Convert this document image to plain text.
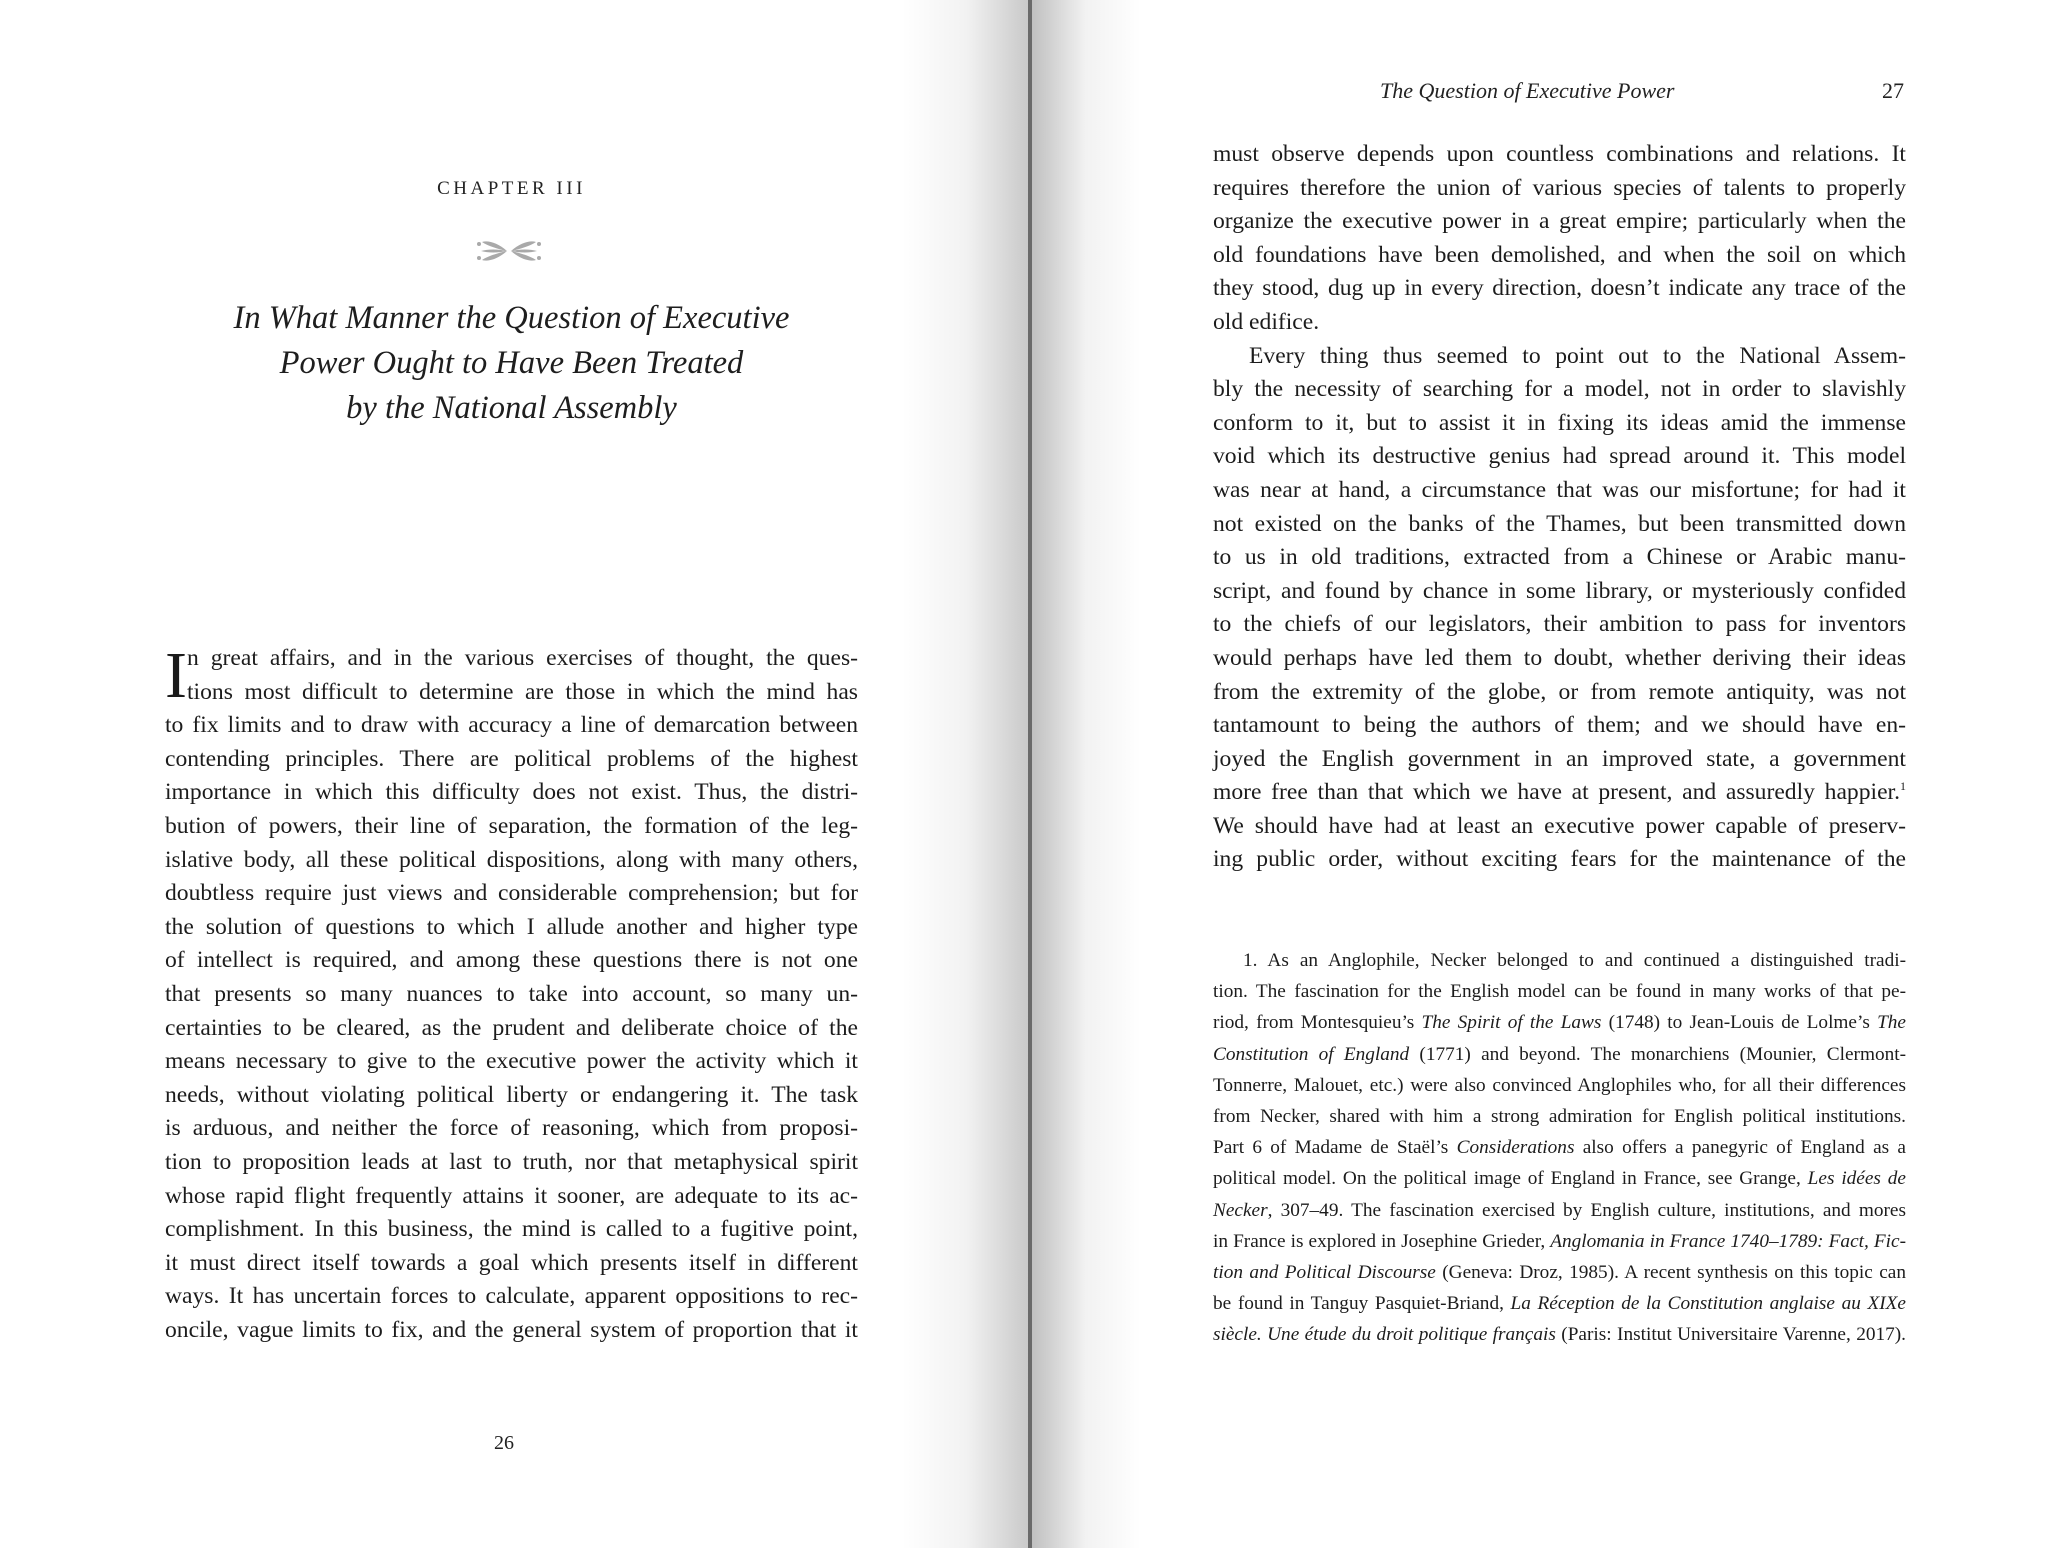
CHAPTER III
In What Manner the Question of Executive
Power Ought to Have Been Treated
by the National Assembly
I n great affairs, and in the various exercises of thought, the ques-
tions most difficult to determine are those in which the mind has
to fix limits and to draw with accuracy a line of demarcation between
contending principles. There are political problems of the highest
importance in which this difficulty does not exist. Thus, the distri-
bution of powers, their line of separation, the formation of the leg-
islative body, all these political dispositions, along with many others,
doubtless require just views and considerable comprehension; but for
the solution of questions to which I allude another and higher type
of intellect is required, and among these questions there is not one
that presents so many nuances to take into account, so many un-
certainties to be cleared, as the prudent and deliberate choice of the
means necessary to give to the executive power the activity which it
needs, without violating political liberty or endangering it. The task
is arduous, and neither the force of reasoning, which from proposi-
tion to proposition leads at last to truth, nor that metaphysical spirit
whose rapid flight frequently attains it sooner, are adequate to its ac-
complishment. In this business, the mind is called to a fugitive point,
it must direct itself towards a goal which presents itself in different
ways. It has uncertain forces to calculate, apparent oppositions to rec-
oncile, vague limits to fix, and the general system of proportion that it
26
The Question of Executive Power	27
must observe depends upon countless combinations and relations. It
requires therefore the union of various species of talents to properly
organize the executive power in a great empire; particularly when the
old foundations have been demolished, and when the soil on which
they stood, dug up in every direction, doesn’t indicate any trace of the
old edifice.
Every thing thus seemed to point out to the National Assem-
bly the necessity of searching for a model, not in order to slavishly
conform to it, but to assist it in fixing its ideas amid the immense
void which its destructive genius had spread around it. This model
was near at hand, a circumstance that was our misfortune; for had it
not existed on the banks of the Thames, but been transmitted down
to us in old traditions, extracted from a Chinese or Arabic manu-
script, and found by chance in some library, or mysteriously confided
to the chiefs of our legislators, their ambition to pass for inventors
would perhaps have led them to doubt, whether deriving their ideas
from the extremity of the globe, or from remote antiquity, was not
tantamount to being the authors of them; and we should have en-
joyed the English government in an improved state, a government
more free than that which we have at present, and assuredly happier.$^1$
We should have had at least an executive power capable of preserv-
ing public order, without exciting fears for the maintenance of the
1. As an Anglophile, Necker belonged to and continued a distinguished tradi-
tion. The fascination for the English model can be found in many works of that pe-
riod, from Montesquieu’s The Spirit of the Laws (1748) to Jean-Louis de Lolme’s The
Constitution of England (1771) and beyond. The monarchiens (Mounier, Clermont-
Tonnerre, Malouet, etc.) were also convinced Anglophiles who, for all their differences
from Necker, shared with him a strong admiration for English political institutions.
Part 6 of Madame de Staël’s Considerations also offers a panegyric of England as a
political model. On the political image of England in France, see Grange, Les idées de
Necker, 307–49. The fascination exercised by English culture, institutions, and mores
in France is explored in Josephine Grieder, Anglomania in France 1740–1789: Fact, Fic-
tion and Political Discourse (Geneva: Droz, 1985). A recent synthesis on this topic can
be found in Tanguy Pasquiet-Briand, La Réception de la Constitution anglaise au XIXe
siècle. Une étude du droit politique français (Paris: Institut Universitaire Varenne, 2017).
